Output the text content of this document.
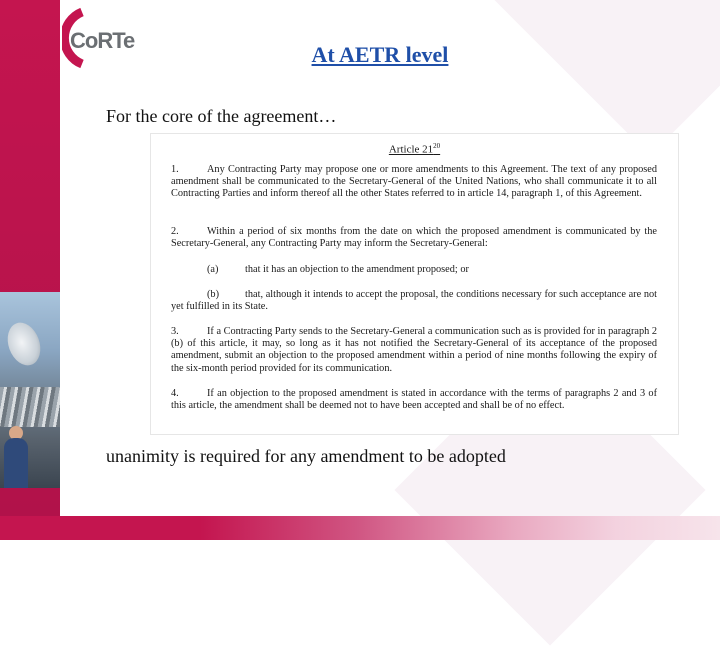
CoRTe
At AETR level
For the core of the agreement…
Article $21^{20}$
1.	Any Contracting Party may propose one or more amendments to this Agreement. The text of any proposed amendment shall be communicated to the Secretary-General of the United Nations, who shall communicate it to all Contracting Parties and inform thereof all the other States referred to in article 14, paragraph 1, of this Agreement.
2.	Within a period of six months from the date on which the proposed amendment is communicated by the Secretary-General, any Contracting Party may inform the Secretary-General:
(a)	that it has an objection to the amendment proposed; or
(b)	that, although it intends to accept the proposal, the conditions necessary for such acceptance are not yet fulfilled in its State.
3.	If a Contracting Party sends to the Secretary-General a communication such as is provided for in paragraph 2 (b) of this article, it may, so long as it has not notified the Secretary-General of its acceptance of the proposed amendment, submit an objection to the proposed amendment within a period of nine months following the expiry of the six-month period provided for its communication.
4.	If an objection to the proposed amendment is stated in accordance with the terms of paragraphs 2 and 3 of this article, the amendment shall be deemed not to have been accepted and shall be of no effect.
unanimity is required for any amendment to be adopted
